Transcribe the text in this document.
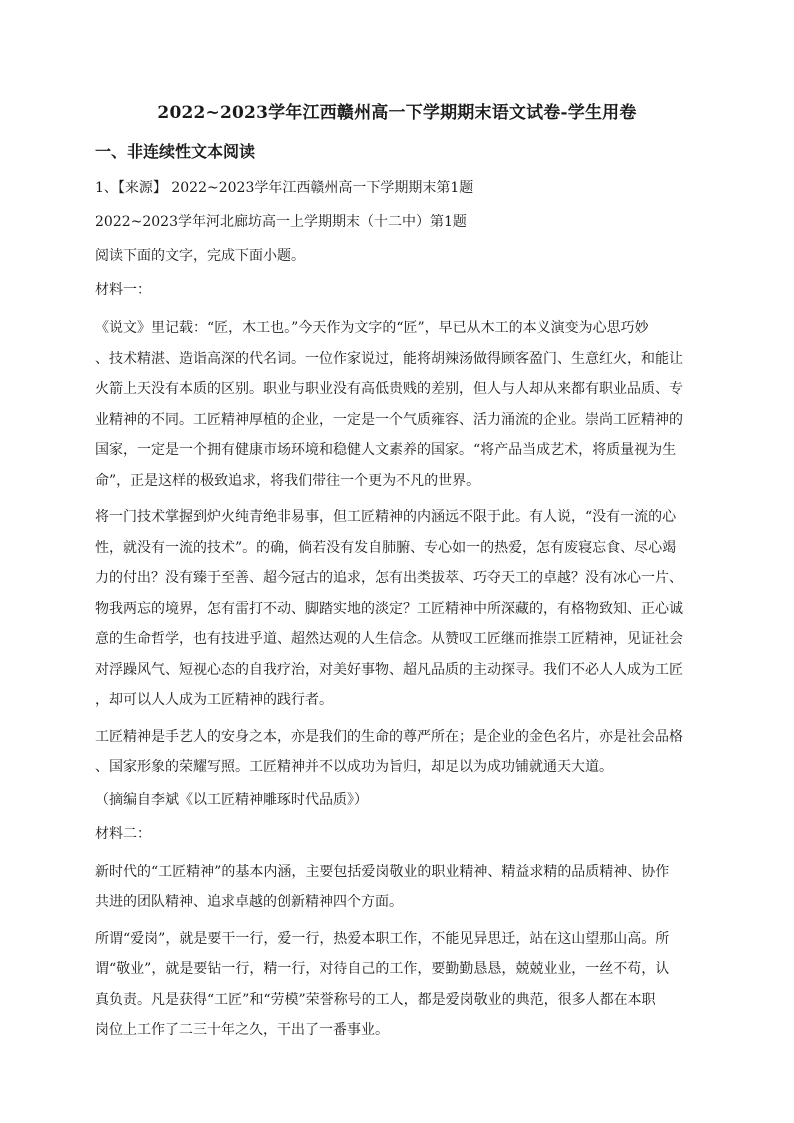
2022~2023学年江西赣州高一下学期期末语文试卷-学生用卷
一、非连续性文本阅读
1、【来源】 2022~2023学年江西赣州高一下学期期末第1题
2022~2023学年河北廊坊高一上学期期末（十二中）第1题
阅读下面的文字，完成下面小题。
材料一：
《说文》里记载：“匠，木工也。”今天作为文字的“匠”，早已从木工的本义演变为心思巧妙
、技术精湛、造诣高深的代名词。一位作家说过，能将胡辣汤做得顾客盈门、生意红火，和能让
火箭上天没有本质的区别。职业与职业没有高低贵贱的差别，但人与人却从来都有职业品质、专
业精神的不同。工匠精神厚植的企业，一定是一个气质雍容、活力涌流的企业。崇尚工匠精神的
国家，一定是一个拥有健康市场环境和稳健人文素养的国家。“将产品当成艺术，将质量视为生
命”，正是这样的极致追求，将我们带往一个更为不凡的世界。
将一门技术掌握到炉火纯青绝非易事，但工匠精神的内涵远不限于此。有人说，“没有一流的心
性，就没有一流的技术”。的确，倘若没有发自肺腑、专心如一的热爱，怎有废寝忘食、尽心竭
力的付出？没有臻于至善、超今冠古的追求，怎有出类拔萃、巧夺天工的卓越？没有冰心一片、
物我两忘的境界，怎有雷打不动、脚踏实地的淡定？工匠精神中所深藏的，有格物致知、正心诚
意的生命哲学，也有技进乎道、超然达观的人生信念。从赞叹工匠继而推崇工匠精神，见证社会
对浮躁风气、短视心态的自我疗治，对美好事物、超凡品质的主动探寻。我们不必人人成为工匠
，却可以人人成为工匠精神的践行者。
工匠精神是手艺人的安身之本，亦是我们的生命的尊严所在；是企业的金色名片，亦是社会品格
、国家形象的荣耀写照。工匠精神并不以成功为旨归，却足以为成功铺就通天大道。
（摘编自李斌《以工匠精神雕琢时代品质》）
材料二：
新时代的“工匠精神”的基本内涵，主要包括爱岗敬业的职业精神、精益求精的品质精神、协作
共进的团队精神、追求卓越的创新精神四个方面。
所谓“爱岗”，就是要干一行，爱一行，热爱本职工作，不能见异思迁，站在这山望那山高。所
谓“敬业”，就是要钻一行，精一行，对待自己的工作，要勤勤恳恳，兢兢业业，一丝不苟，认
真负责。凡是获得“工匠”和“劳模”荣誉称号的工人，都是爱岗敬业的典范，很多人都在本职
岗位上工作了二三十年之久，干出了一番事业。
